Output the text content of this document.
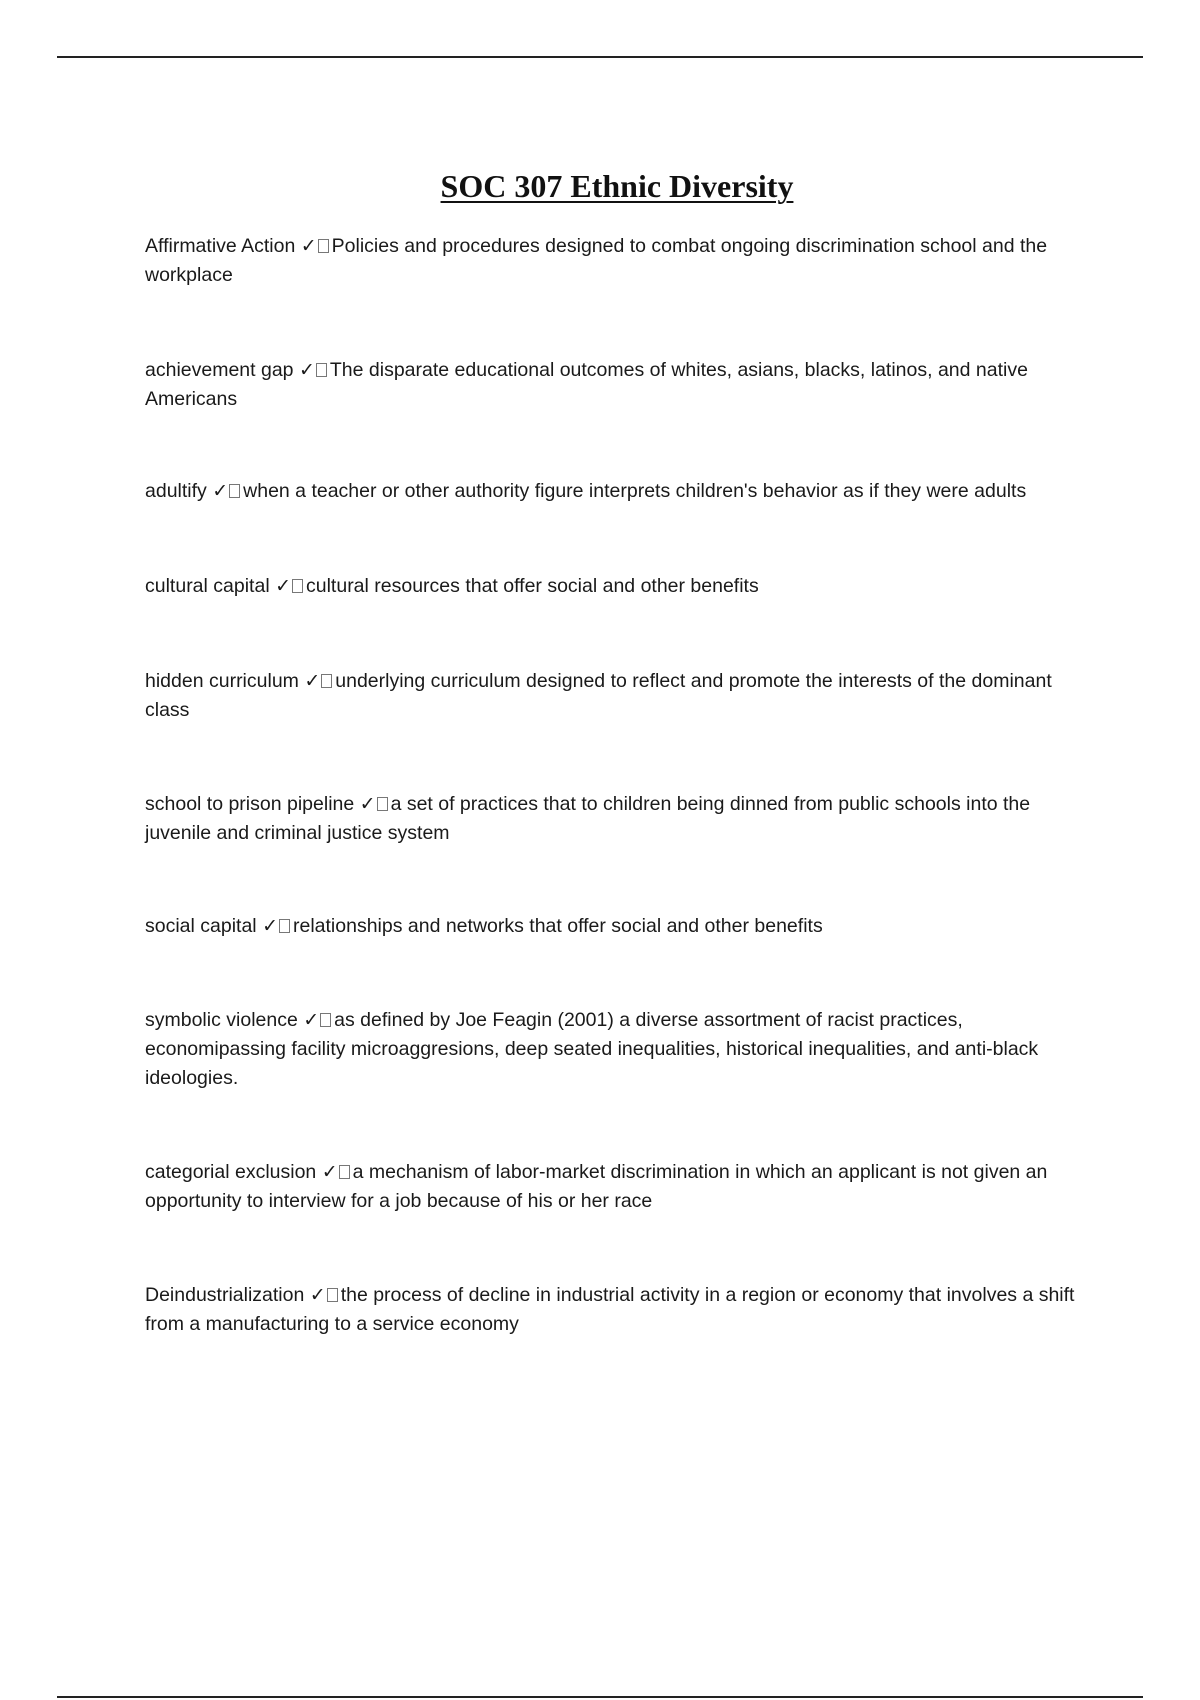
SOC 307 Ethnic Diversity

Affirmative Action ✓ Policies and procedures designed to combat ongoing discrimination school and the workplace

achievement gap ✓ The disparate educational outcomes of whites, asians, blacks, latinos, and native Americans

adultify ✓ when a teacher or other authority figure interprets children's behavior as if they were adults

cultural capital ✓ cultural resources that offer social and other benefits

hidden curriculum ✓ underlying curriculum designed to reflect and promote the interests of the dominant class

school to prison pipeline ✓ a set of practices that to children being dinned from public schools into the juvenile and criminal justice system

social capital ✓ relationships and networks that offer social and other benefits

symbolic violence ✓ as defined by Joe Feagin (2001) a diverse assortment of racist practices, economipassing facility microaggresions, deep seated inequalities, historical inequalities, and anti-black ideologies.

categorial exclusion ✓ a mechanism of labor-market discrimination in which an applicant is not given an opportunity to interview for a job because of his or her race

Deindustrialization ✓ the process of decline in industrial activity in a region or economy that involves a shift from a manufacturing to a service economy
